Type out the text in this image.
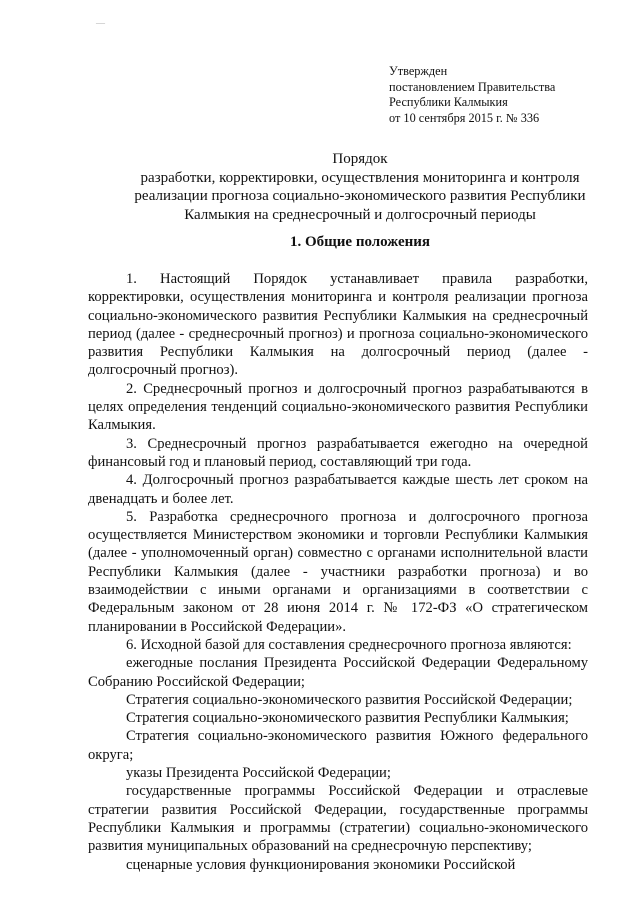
—
Утвержден
постановлением Правительства
Республики Калмыкия
от 10 сентября 2015 г. № 336
Порядок
разработки, корректировки, осуществления мониторинга и контроля
реализации прогноза социально-экономического развития Республики
Калмыкия на среднесрочный и долгосрочный периоды
1. Общие положения

1. Настоящий Порядок устанавливает правила разработки, корректировки, осуществления мониторинга и контроля реализации прогноза социально-экономического развития Республики Калмыкия на среднесрочный период (далее - среднесрочный прогноз) и прогноза социально-экономического развития Республики Калмыкия на долгосрочный период (далее - долгосрочный прогноз).

2. Среднесрочный прогноз и долгосрочный прогноз разрабатываются в целях определения тенденций социально-экономического развития Республики Калмыкия.

3. Среднесрочный прогноз разрабатывается ежегодно на очередной финансовый год и плановый период, составляющий три года.

4. Долгосрочный прогноз разрабатывается каждые шесть лет сроком на двенадцать и более лет.

5. Разработка среднесрочного прогноза и долгосрочного прогноза осуществляется Министерством экономики и торговли Республики Калмыкия (далее - уполномоченный орган) совместно с органами исполнительной власти Республики Калмыкия (далее - участники разработки прогноза) и во взаимодействии с иными органами и организациями в соответствии с Федеральным законом от 28 июня 2014 г. № 172-ФЗ «О стратегическом планировании в Российской Федерации».

6. Исходной базой для составления среднесрочного прогноза являются:

ежегодные послания Президента Российской Федерации Федеральному Собранию Российской Федерации;

Стратегия социально-экономического развития Российской Федерации;

Стратегия социально-экономического развития Республики Калмыкия;

Стратегия социально-экономического развития Южного федерального округа;

указы Президента Российской Федерации;

государственные программы Российской Федерации и отраслевые стратегии развития Российской Федерации, государственные программы Республики Калмыкия и программы (стратегии) социально-экономического развития муниципальных образований на среднесрочную перспективу;

сценарные условия функционирования экономики Российской
